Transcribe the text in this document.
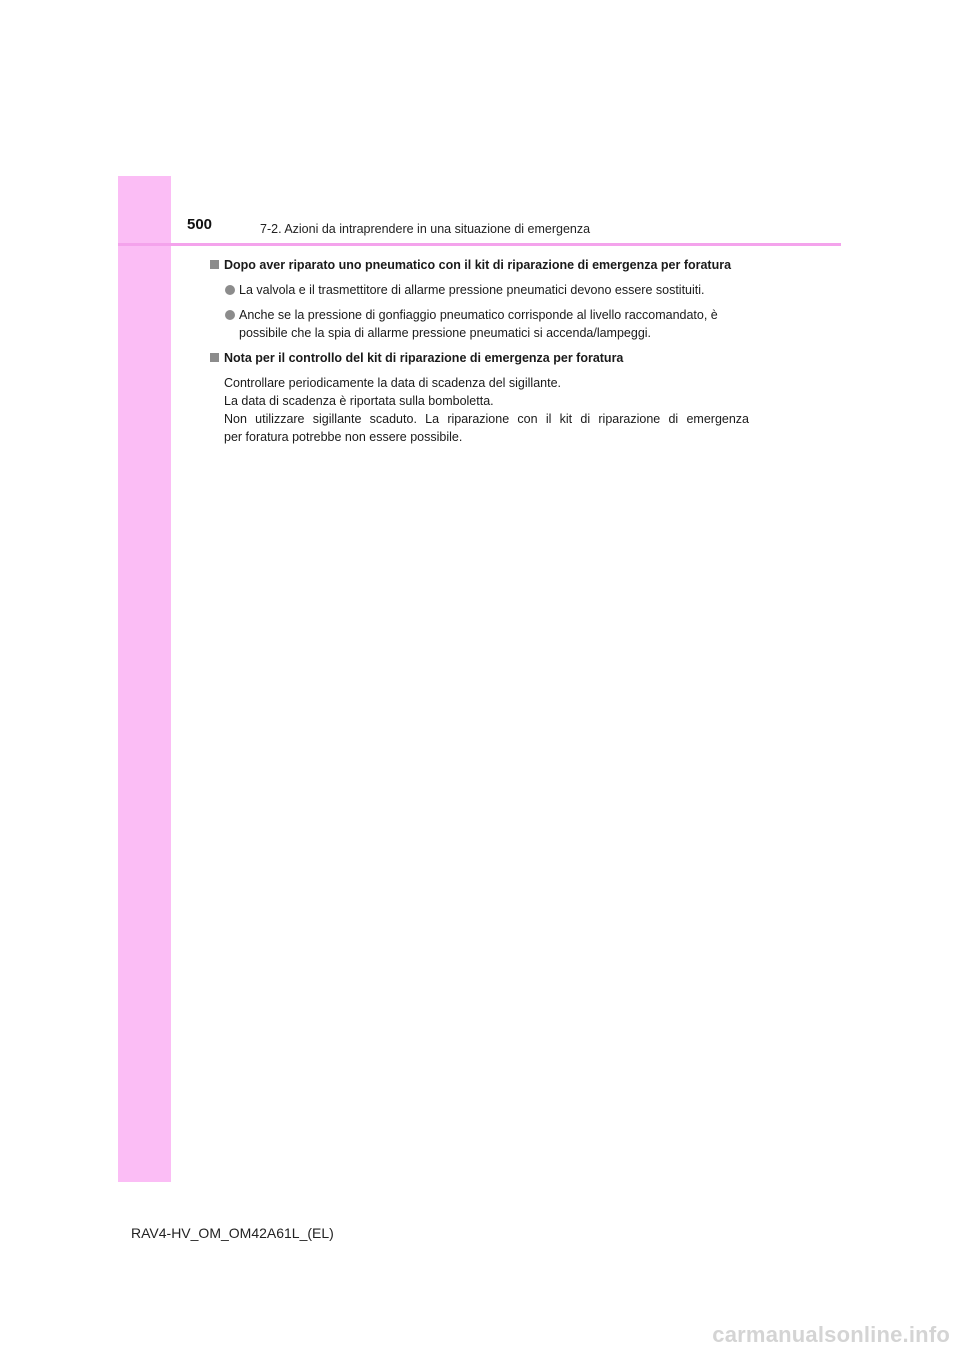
500	7-2. Azioni da intraprendere in una situazione di emergenza
Dopo aver riparato uno pneumatico con il kit di riparazione di emergenza per foratura
La valvola e il trasmettitore di allarme pressione pneumatici devono essere sostituiti.
Anche se la pressione di gonfiaggio pneumatico corrisponde al livello raccomandato, è possibile che la spia di allarme pressione pneumatici si accenda/lampeggi.
Nota per il controllo del kit di riparazione di emergenza per foratura
Controllare periodicamente la data di scadenza del sigillante.
La data di scadenza è riportata sulla bomboletta.
Non utilizzare sigillante scaduto. La riparazione con il kit di riparazione di emergenza
per foratura potrebbe non essere possibile.
RAV4-HV_OM_OM42A61L_(EL)
carmanualsonline.info
